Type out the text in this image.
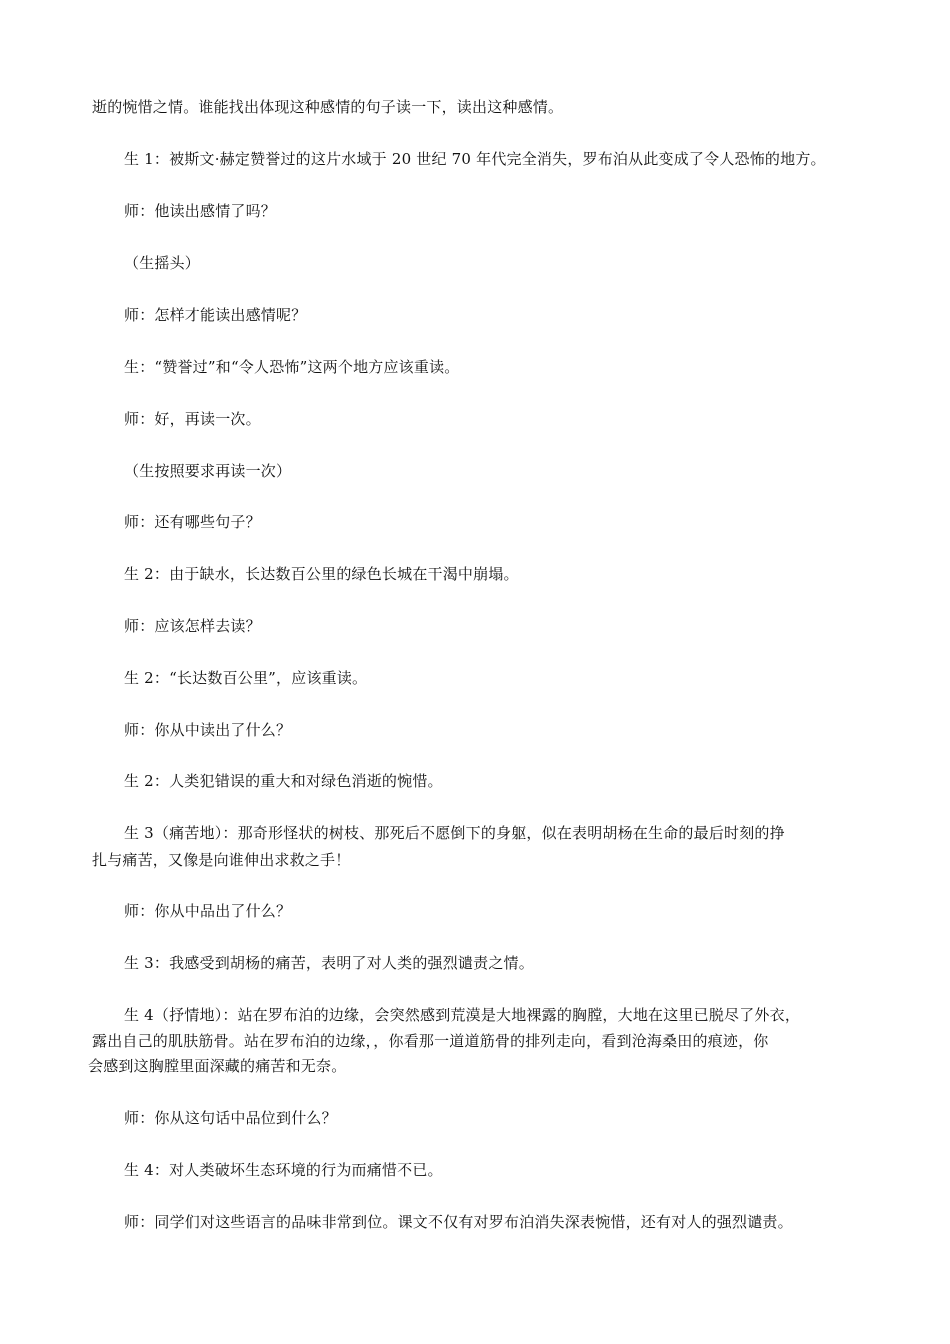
逝的惋惜之情。谁能找出体现这种感情的句子读一下，读出这种感情。
生 1：被斯文·赫定赞誉过的这片水域于 20 世纪 70 年代完全消失，罗布泊从此变成了令人恐怖的地方。
师：他读出感情了吗？
（生摇头）
师：怎样才能读出感情呢？
生：“赞誉过”和“令人恐怖”这两个地方应该重读。
师：好，再读一次。
（生按照要求再读一次）
师：还有哪些句子？
生 2：由于缺水，长达数百公里的绿色长城在干渴中崩塌。
师：应该怎样去读？
生 2：“长达数百公里”，应该重读。
师：你从中读出了什么？
生 2：人类犯错误的重大和对绿色消逝的惋惜。
生 3（痛苦地）：那奇形怪状的树枝、那死后不愿倒下的身躯，似在表明胡杨在生命的最后时刻的挣
扎与痛苦，又像是向谁伸出求救之手！
师：你从中品出了什么？
生 3：我感受到胡杨的痛苦，表明了对人类的强烈谴责之情。
生 4（抒情地）：站在罗布泊的边缘，会突然感到荒漠是大地裸露的胸膛，大地在这里已脱尽了外衣，
露出自己的肌肤筋骨。站在罗布泊的边缘，，你看那一道道筋骨的排列走向，看到沧海桑田的痕迹，你
会感到这胸膛里面深藏的痛苦和无奈。
师：你从这句话中品位到什么？
生 4：对人类破坏生态环境的行为而痛惜不已。
师：同学们对这些语言的品味非常到位。课文不仅有对罗布泊消失深表惋惜，还有对人的强烈谴责。
